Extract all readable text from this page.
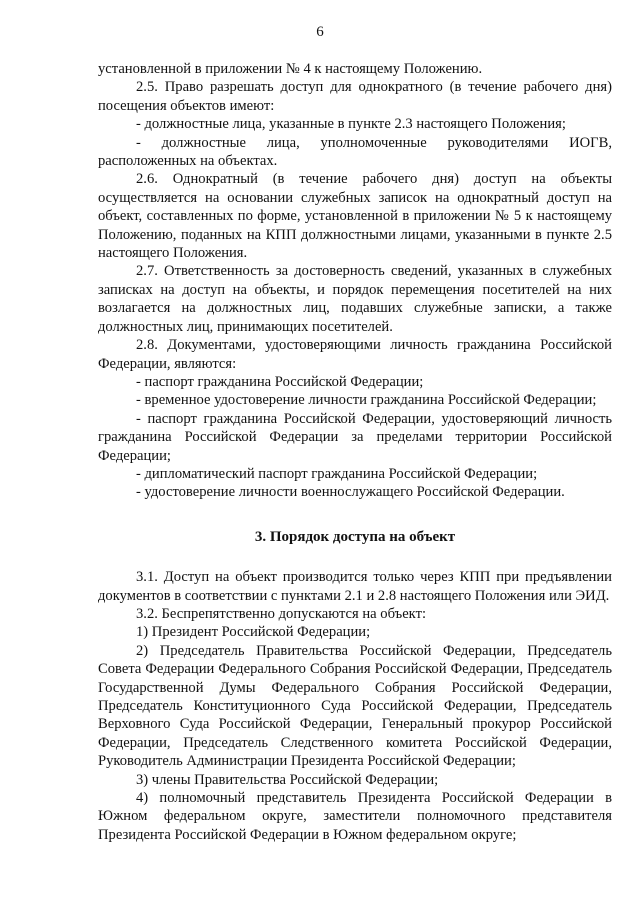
6

установленной в приложении № 4 к настоящему Положению.

2.5. Право разрешать доступ для однократного (в течение рабочего дня) посещения объектов имеют:

- должностные лица, указанные в пункте 2.3 настоящего Положения;

- должностные лица, уполномоченные руководителями ИОГВ, расположенных на объектах.

2.6. Однократный (в течение рабочего дня) доступ на объекты осуществляется на основании служебных записок на однократный доступ на объект, составленных по форме, установленной в приложении № 5 к настоящему Положению, поданных на КПП должностными лицами, указанными в пункте 2.5 настоящего Положения.

2.7. Ответственность за достоверность сведений, указанных в служебных записках на доступ на объекты, и порядок перемещения посетителей на них возлагается на должностных лиц, подавших служебные записки, а также должностных лиц, принимающих посетителей.

2.8. Документами, удостоверяющими личность гражданина Российской Федерации, являются:

- паспорт гражданина Российской Федерации;

- временное удостоверение личности гражданина Российской Федерации;

- паспорт гражданина Российской Федерации, удостоверяющий личность гражданина Российской Федерации за пределами территории Российской Федерации;

- дипломатический паспорт гражданина Российской Федерации;

- удостоверение личности военнослужащего Российской Федерации.

3. Порядок доступа на объект

3.1. Доступ на объект производится только через КПП при предъявлении документов в соответствии с пунктами 2.1 и 2.8 настоящего Положения или ЭИД.

3.2. Беспрепятственно допускаются на объект:

1) Президент Российской Федерации;

2) Председатель Правительства Российской Федерации, Председатель Совета Федерации Федерального Собрания Российской Федерации, Председатель Государственной Думы Федерального Собрания Российской Федерации, Председатель Конституционного Суда Российской Федерации, Председатель Верховного Суда Российской Федерации, Генеральный прокурор Российской Федерации, Председатель Следственного комитета Российской Федерации, Руководитель Администрации Президента Российской Федерации;

3) члены Правительства Российской Федерации;

4) полномочный представитель Президента Российской Федерации в Южном федеральном округе, заместители полномочного представителя Президента Российской Федерации в Южном федеральном округе;
